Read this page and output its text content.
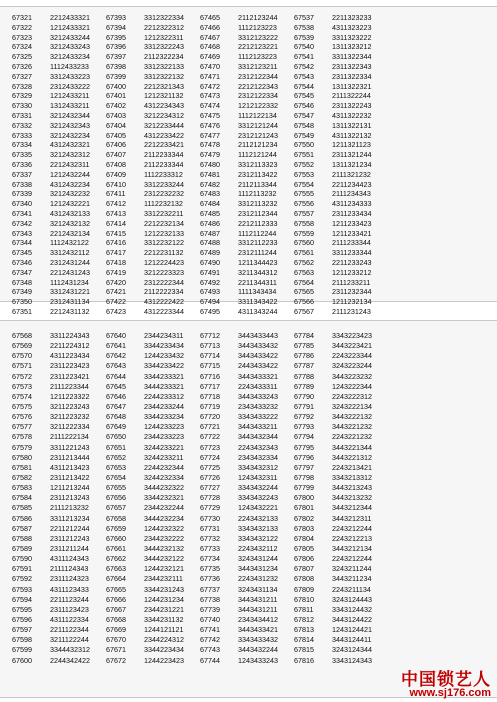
67321	2212433321	67393	3312322334	67465	2112123244	67537	2211323233
67322	1212433321	67394	2212322312	67466	1112123223	67538	4311323223
67323	3212433244	67395	1212322311	67467	3312123222	67539	3311323222
67324	3212433243	67396	3312322243	67468	2212123221	67540	1311323212
67325	3212433234	67397	2112322234	67469	1112123223	67541	3311322344
67326	1112433233	67398	3312322133	67470	3312123211	67542	2311322343
67327	3312433223	67399	3312322132	67471	2312122344	67543	2311322334
67328	2312433222	67400	2212321343	67472	2212122343	67544	1311322321
67329	1212433211	67401	1212321132	67473	2312122334	67545	2111322244
67330	1312433211	67402	4312234343	67474	1212122332	67546	2311322243
67331	3212432344	67403	3212234312	67475	1112122134	67547	4311322232
67332	3212432343	67404	3212233444	67476	3312121244	67548	1311322131
67333	3212432234	67405	4312233422	67477	2312121243	67549	4311322132
67334	4312432321	67406	2212233421	67478	2112121234	67550	1211321123
67335	3212432312	67407	2112233344	67479	1112121244	67551	2311321244
67336	2212432311	67408	2112233344	67480	3312113323	67552	1311321234
67337	1212432244	67409	1112233312	67481	2312113422	67553	2111321232
67338	4312432234	67410	3312233244	67482	2112113344	67554	2211234423
67339	3212432232	67411	2312232232	67483	1112113232	67555	2111234343
67340	1212432221	67412	1112232132	67484	3312113232	67556	4311234333
67341	4312432133	67413	3312232211	67485	2312112344	67557	2311233434
67342	3212432132	67414	2212232134	67486	2212112333	67558	1211233423
67343	2212432134	67415	1212232133	67487	1112112244	67559	1211233421
67344	1112432122	67416	3312232122	67488	3312112233	67560	2111233344
67345	3312432112	67417	2212231132	67489	2312111244	67561	3311233344
67346	2312431244	67418	1212224423	67490	1211344423	67562	2211233243
67347	2212431243	67419	3212223323	67491	3211344312	67563	1211233212
67348	1112431234	67420	2312222344	67492	2211344311	67564	2111233211
67349	3312431221	67421	2112222334	67493	1111343434	67565	2311232344
67350	2312431134	67422	4312222422	67494	3311343422	67566	1211232134
67351	2212431132	67423	4312223344	67495	4311343244	67567	2111231243
67568	3311224343	67640	2344234311	67712	3443433443	67784	3343223423
67569	2211224312	67641	3344233434	67713	3443433432	67785	3443223421
67570	4311223434	67642	1244233432	67714	3443433422	67786	2243223344
67571	2311223423	67643	3344233422	67715	2443433422	67787	3243223244
67572	2311223421	67644	3344233321	67716	3443433321	67788	3443223232
67573	2111223344	67645	3444233321	67717	2243433311	67789	1243222344
67574	1211223322	67646	2244233312	67718	3443433243	67790	2243222312
67575	3211223243	67647	2344233244	67719	2343433232	67791	3243222134
67576	3211223232	67648	3344233234	67720	3343433222	67792	3443222132
67577	3211222334	67649	1244233223	67721	3443433211	67793	3443221232
67578	2111222134	67650	2344233223	67722	3443432344	67794	2243221232
67579	3311221243	67651	3244233221	67723	2243432343	67795	3443221344
67580	2311213444	67652	3244233211	67724	2343432334	67796	3443221312
67581	4311213423	67653	2244232344	67725	3343432312	67797	2243213421
67582	2311213422	67654	3244232334	67726	1243432311	67798	3343213312
67583	1211213244	67655	3444232322	67727	3343432244	67799	3443213243
67584	2311213243	67656	3344232321	67728	3343432243	67800	3443213232
67585	2111213232	67657	2344232244	67729	1243432221	67801	3443212344
67586	3311213234	67658	3444232234	67730	2243432133	67802	3443212311
67587	2211212244	67659	1244232322	67731	3343432133	67803	2243212244
67588	2311212243	67660	2344232222	67732	3343432122	67804	2243212213
67589	2311211244	67661	3444232132	67733	2243432112	67805	3443212134
67590	4311124343	67662	3444232122	67734	3243431244	67806	2243212244
67591	2111124343	67663	1244232121	67735	3443431234	67807	3243211244
67592	2311124323	67664	2344232111	67736	2243431232	67808	3443211234
67593	4311123433	67665	3344231243	67737	3243431134	67809	2243211134
67594	2211123244	67666	1244231234	67738	3443431211	67810	3243124443
67595	2311123423	67667	2344231221	67739	3443431211	67811	3343124432
67596	4311122334	67668	3344231132	67740	2343434412	67812	3443124422
67597	2211122344	67669	1244121121	67741	3443433421	67813	1243124421
67598	3211122244	67670	2344224312	67742	3343433432	67814	3443124411
67599	3344432312	67671	3344223434	67743	3443432244	67815	3243124344
67600	2244342422	67672	1244223423	67744	1243433243	67816	3343124343
中国锁艺人
www.sj176.com
